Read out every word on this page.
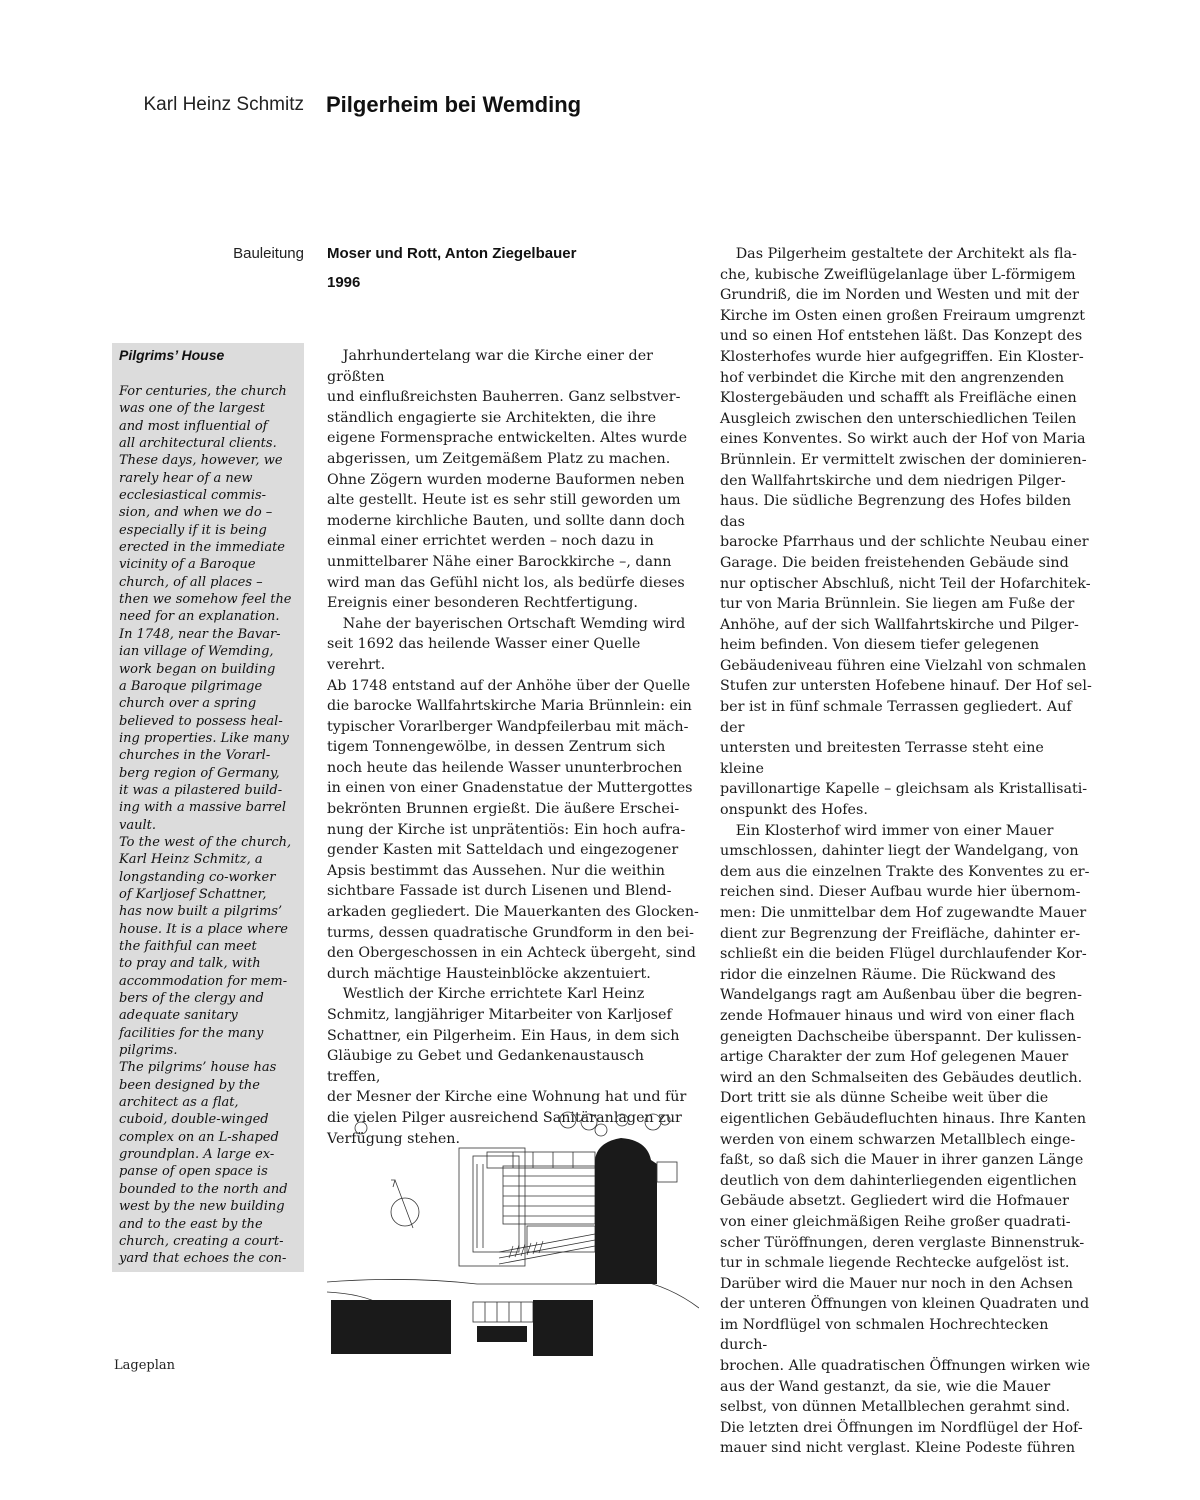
Karl Heinz Schmitz Pilgerheim bei Wemding
Bauleitung Moser und Rott, Anton Ziegelbauer
1996
Pilgrims’ House

For centuries, the church
was one of the largest
and most influential of
all architectural clients.
These days, however, we
rarely hear of a new
ecclesiastical commis-
sion, and when we do –
especially if it is being
erected in the immediate
vicinity of a Baroque
church, of all places –
then we somehow feel the
need for an explanation.
In 1748, near the Bavar-
ian village of Wemding,
work began on building
a Baroque pilgrimage
church over a spring
believed to possess heal-
ing properties. Like many
churches in the Vorarl-
berg region of Germany,
it was a pilastered build-
ing with a massive barrel
vault.

To the west of the church,
Karl Heinz Schmitz, a
longstanding co-worker
of Karljosef Schattner,
has now built a pilgrims’
house. It is a place where
the faithful can meet
to pray and talk, with
accommodation for mem-
bers of the clergy and
adequate sanitary
facilities for the many
pilgrims.

The pilgrims’ house has
been designed by the
architect as a flat,
cuboid, double-winged
complex on an L-shaped
groundplan. A large ex-
panse of open space is
bounded to the north and
west by the new building
and to the east by the
church, creating a court-
yard that echoes the con-

Jahrhundertelang war die Kirche einer der größten
und einflußreichsten Bauherren. Ganz selbstver-
ständlich engagierte sie Architekten, die ihre
eigene Formensprache entwickelten. Altes wurde
abgerissen, um Zeitgemäßem Platz zu machen.
Ohne Zögern wurden moderne Bauformen neben
alte gestellt. Heute ist es sehr still geworden um
moderne kirchliche Bauten, und sollte dann doch
einmal einer errichtet werden – noch dazu in
unmittelbarer Nähe einer Barockkirche –, dann
wird man das Gefühl nicht los, als bedürfe dieses
Ereignis einer besonderen Rechtfertigung.

Nahe der bayerischen Ortschaft Wemding wird
seit 1692 das heilende Wasser einer Quelle verehrt.
Ab 1748 entstand auf der Anhöhe über der Quelle
die barocke Wallfahrtskirche Maria Brünnlein: ein
typischer Vorarlberger Wandpfeilerbau mit mäch-
tigem Tonnengewölbe, in dessen Zentrum sich
noch heute das heilende Wasser ununterbrochen
in einen von einer Gnadenstatue der Muttergottes
bekrönten Brunnen ergießt. Die äußere Erschei-
nung der Kirche ist unprätentiös: Ein hoch aufra-
gender Kasten mit Satteldach und eingezogener
Apsis bestimmt das Aussehen. Nur die weithin
sichtbare Fassade ist durch Lisenen und Blend-
arkaden gegliedert. Die Mauerkanten des Glocken-
turms, dessen quadratische Grundform in den bei-
den Obergeschossen in ein Achteck übergeht, sind
durch mächtige Hausteinblöcke akzentuiert.

Westlich der Kirche errichtete Karl Heinz
Schmitz, langjähriger Mitarbeiter von Karljosef
Schattner, ein Pilgerheim. Ein Haus, in dem sich
Gläubige zu Gebet und Gedankenaustausch treffen,
der Mesner der Kirche eine Wohnung hat und für
die vielen Pilger ausreichend Sanitäranlagen zur
Verfügung stehen.

Das Pilgerheim gestaltete der Architekt als fla-
che, kubische Zweiflügelanlage über L-förmigem
Grundriß, die im Norden und Westen und mit der
Kirche im Osten einen großen Freiraum umgrenzt
und so einen Hof entstehen läßt. Das Konzept des
Klosterhofes wurde hier aufgegriffen. Ein Kloster-
hof verbindet die Kirche mit den angrenzenden
Klostergebäuden und schafft als Freifläche einen
Ausgleich zwischen den unterschiedlichen Teilen
eines Konventes. So wirkt auch der Hof von Maria
Brünnlein. Er vermittelt zwischen der dominieren-
den Wallfahrtskirche und dem niedrigen Pilger-
haus. Die südliche Begrenzung des Hofes bilden das
barocke Pfarrhaus und der schlichte Neubau einer
Garage. Die beiden freistehenden Gebäude sind
nur optischer Abschluß, nicht Teil der Hofarchitek-
tur von Maria Brünnlein. Sie liegen am Fuße der
Anhöhe, auf der sich Wallfahrtskirche und Pilger-
heim befinden. Von diesem tiefer gelegenen
Gebäudeniveau führen eine Vielzahl von schmalen
Stufen zur untersten Hofebene hinauf. Der Hof sel-
ber ist in fünf schmale Terrassen gegliedert. Auf der
untersten und breitesten Terrasse steht eine kleine
pavillonartige Kapelle – gleichsam als Kristallisati-
onspunkt des Hofes.

Ein Klosterhof wird immer von einer Mauer
umschlossen, dahinter liegt der Wandelgang, von
dem aus die einzelnen Trakte des Konventes zu er-
reichen sind. Dieser Aufbau wurde hier übernom-
men: Die unmittelbar dem Hof zugewandte Mauer
dient zur Begrenzung der Freifläche, dahinter er-
schließt ein die beiden Flügel durchlaufender Kor-
ridor die einzelnen Räume. Die Rückwand des
Wandelgangs ragt am Außenbau über die begren-
zende Hofmauer hinaus und wird von einer flach
geneigten Dachscheibe überspannt. Der kulissen-
artige Charakter der zum Hof gelegenen Mauer
wird an den Schmalseiten des Gebäudes deutlich.
Dort tritt sie als dünne Scheibe weit über die
eigentlichen Gebäudefluchten hinaus. Ihre Kanten
werden von einem schwarzen Metallblech einge-
faßt, so daß sich die Mauer in ihrer ganzen Länge
deutlich von dem dahinterliegenden eigentlichen
Gebäude absetzt. Gegliedert wird die Hofmauer
von einer gleichmäßigen Reihe großer quadrati-
scher Türöffnungen, deren verglaste Binnenstruk-
tur in schmale liegende Rechtecke aufgelöst ist.
Darüber wird die Mauer nur noch in den Achsen
der unteren Öffnungen von kleinen Quadraten und
im Nordflügel von schmalen Hochrechtecken durch-
brochen. Alle quadratischen Öffnungen wirken wie
aus der Wand gestanzt, da sie, wie die Mauer
selbst, von dünnen Metallblechen gerahmt sind.
Die letzten drei Öffnungen im Nordflügel der Hof-
mauer sind nicht verglast. Kleine Podeste führen

Lageplan
